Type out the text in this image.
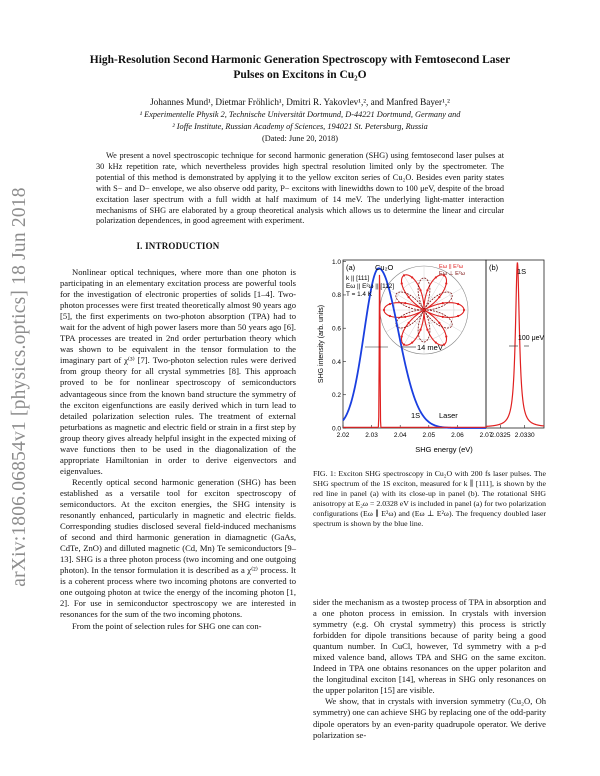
arXiv:1806.06854v1 [physics.optics] 18 Jun 2018
High-Resolution Second Harmonic Generation Spectroscopy with Femtosecond Laser Pulses on Excitons in Cu₂O
Johannes Mund¹, Dietmar Fröhlich¹, Dmitri R. Yakovlev¹,², and Manfred Bayer¹,²
¹ Experimentelle Physik 2, Technische Universität Dortmund, D-44221 Dortmund, Germany and
² Ioffe Institute, Russian Academy of Sciences, 194021 St. Petersburg, Russia
(Dated: June 20, 2018)

We present a novel spectroscopic technique for second harmonic generation (SHG) using femtosecond laser pulses at 30 kHz repetition rate, which nevertheless provides high spectral resolution limited only by the spectrometer. The potential of this method is demonstrated by applying it to the yellow exciton series of Cu₂O. Besides even parity states with S− and D− envelope, we also observe odd parity, P− excitons with linewidths down to 100 μeV, despite of the broad excitation laser spectrum with a full width at half maximum of 14 meV. The underlying light-matter interaction mechanisms of SHG are elaborated by a group theoretical analysis which allows us to determine the linear and circular polarization dependences, in good agreement with experiment.

I. INTRODUCTION

Nonlinear optical techniques, where more than one photon is participating in an elementary excitation process are powerful tools for the investigation of electronic properties of solids [1–4]. Two-photon processes were first treated theoretically almost 90 years ago [5], the first experiments on two-photon absorption (TPA) had to wait for the advent of high power lasers more than 50 years ago [6]. TPA processes are treated in 2nd order perturbation theory which was shown to be equivalent in the tensor formulation to the imaginary part of χ⁽³⁾ [7]. Two-photon selection rules were derived from group theory for all crystal symmetries [8]. This approach proved to be for nonlinear spectroscopy of semiconductors advantageous since from the known band structure the symmetry of the exciton eigenfunctions are easily derived which in turn lead to detailed polarization selection rules. The treatment of external peturbations as magnetic and electric field or strain in a first step by group theory gives already helpful insight in the expected mixing of wave functions then to be used in the diagonalization of the appropriate Hamiltonian in order to derive eigenvectors and eigenvalues.

Recently optical second harmonic generation (SHG) has been established as a versatile tool for exciton spectroscopy of semiconductors. At the exciton energies, the SHG intensity is resonantly enhanced, particularly in magnetic and electric fields. Corresponding studies disclosed several field-induced mechanisms of second and third harmonic generation in diamagnetic (GaAs, CdTe, ZnO) and dilluted magnetic (Cd, Mn) Te semiconductors [9–13]. SHG is a three photon process (two incoming and one outgoing photon). In the tensor formulation it is described as a χ⁽²⁾ process. It is a coherent process where two incoming photons are converted to one outgoing photon at twice the energy of the incoming photon [1, 2]. For use in semiconductor spectroscopy we are interested in resonances for the sum of the two incoming photons.

From the point of selection rules for SHG one can con-

2.02 2.03 2.04 2.05 2.06 2.07
0.0
0.2
0.4
0.6
0.8
1.0
2.0325 2.0330
14 meV
100 μeV
(a)	Cu₂O
k || [111]
Eω || E²ω || [112]
T = 1.4 K
Eω || E²ω
Eω ⊥ E²ω
(b)	1S
1S	Laser
SHG energy (eV)
SHG intensity (arb. units)

FIG. 1: Exciton SHG spectroscopy in Cu₂O with 200 fs laser pulses. The SHG spectrum of the 1S exciton, measured for k ∥ [111], is shown by the red line in panel (a) with its close-up in panel (b). The rotational SHG anisotropy at E₂ω = 2.0328 eV is included in panel (a) for two polarization configurations (Eω ∥ E²ω) and (Eω ⊥ E²ω). The frequency doubled laser spectrum is shown by the blue line.

sider the mechanism as a twostep process of TPA in absorption and a one photon process in emission. In crystals with inversion symmetry (e.g. Oh crystal symmetry) this process is strictly forbidden for dipole transitions because of parity being a good quantum number. In CuCl, however, Td symmetry with a p-d mixed valence band, allows TPA and SHG on the same exciton. Indeed in TPA one obtains resonances on the upper polariton and the longitudinal exciton [14], whereas in SHG only resonances on the upper polariton [15] are visible.

We show, that in crystals with inversion symmetry (Cu₂O, Oh symmetry) one can achieve SHG by replacing one of the odd-parity dipole operators by an even-parity quadrupole operator. We derive polarization se-
